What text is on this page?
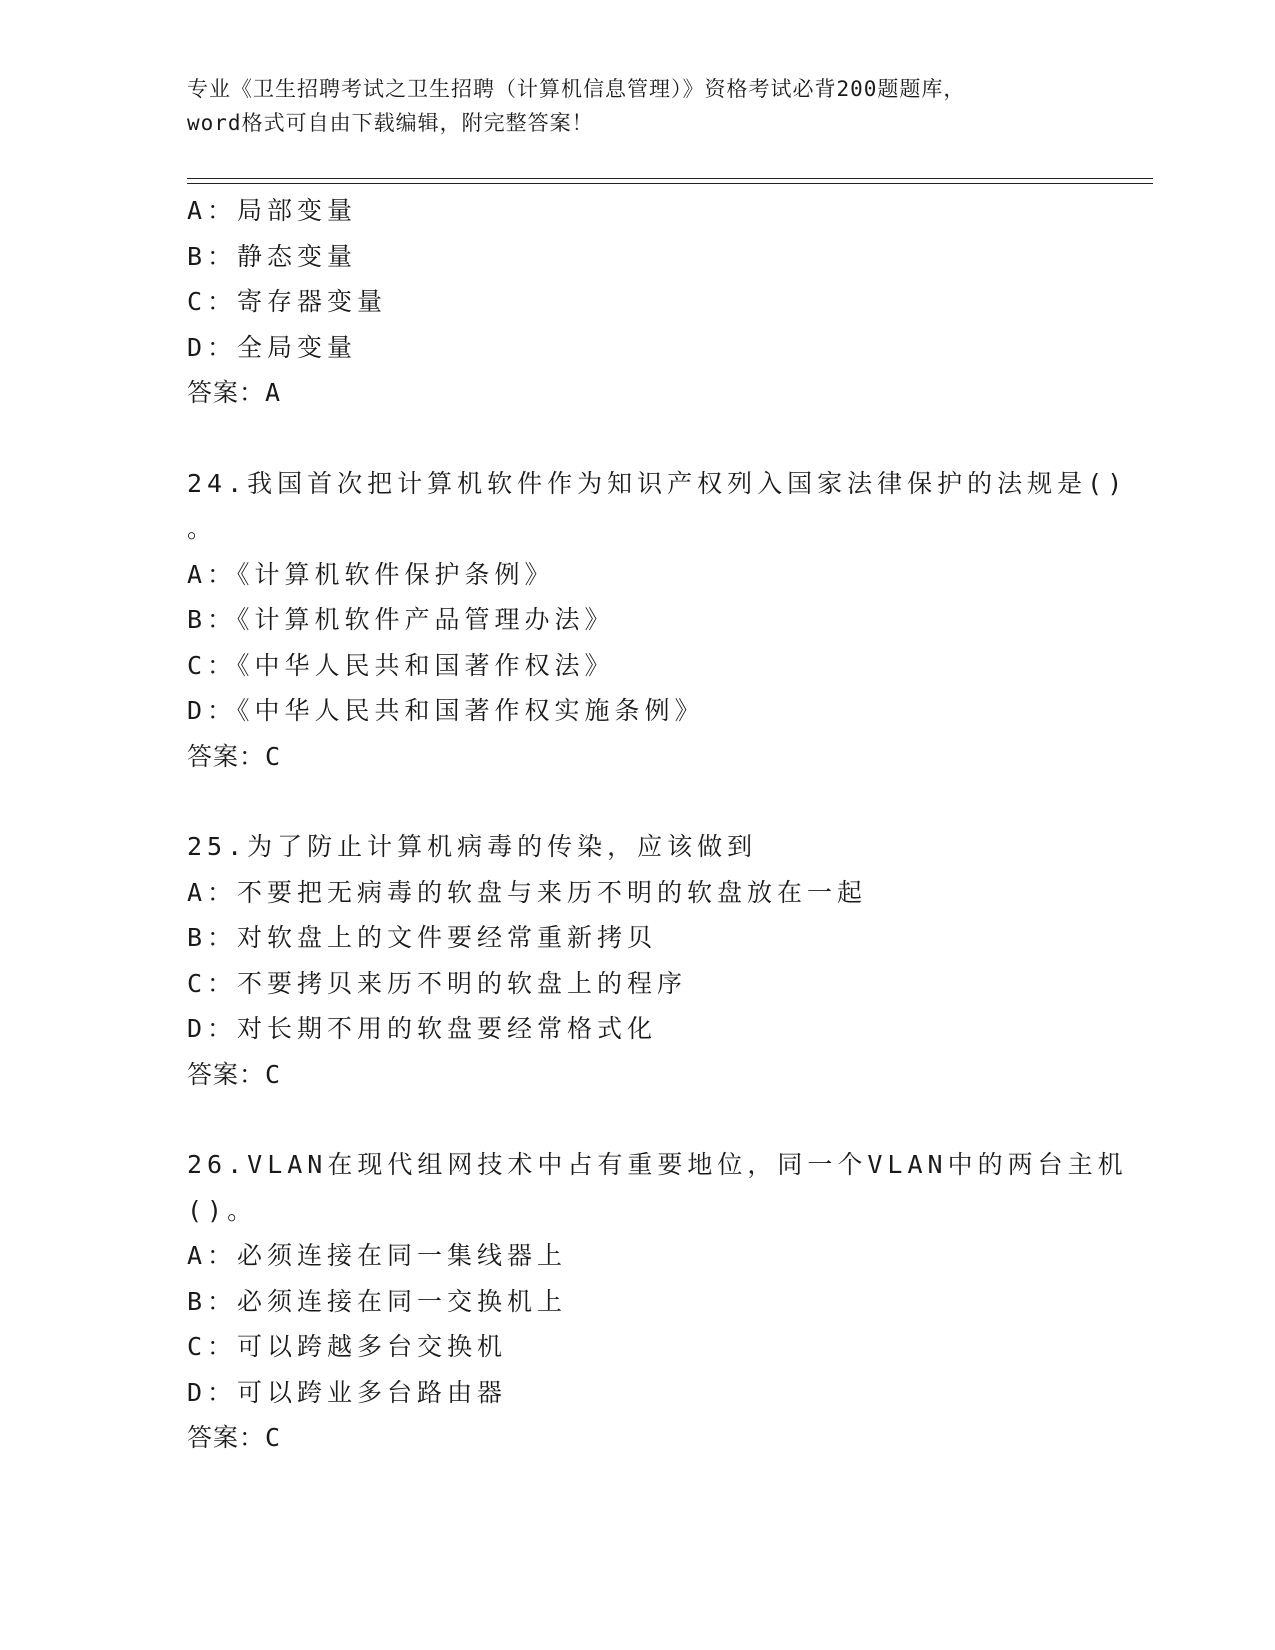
专业《卫生招聘考试之卫生招聘（计算机信息管理）》资格考试必背200题题库，
word格式可自由下载编辑，附完整答案！
A：局部变量
B：静态变量
C：寄存器变量
D：全局变量
答案：A
24.我国首次把计算机软件作为知识产权列入国家法律保护的法规是()
。
A：《计算机软件保护条例》
B：《计算机软件产品管理办法》
C：《中华人民共和国著作权法》
D：《中华人民共和国著作权实施条例》
答案：C
25.为了防止计算机病毒的传染，应该做到
A：不要把无病毒的软盘与来历不明的软盘放在一起
B：对软盘上的文件要经常重新拷贝
C：不要拷贝来历不明的软盘上的程序
D：对长期不用的软盘要经常格式化
答案：C
26.VLAN在现代组网技术中占有重要地位，同一个VLAN中的两台主机
()。
A：必须连接在同一集线器上
B：必须连接在同一交换机上
C：可以跨越多台交换机
D：可以跨业多台路由器
答案：C
